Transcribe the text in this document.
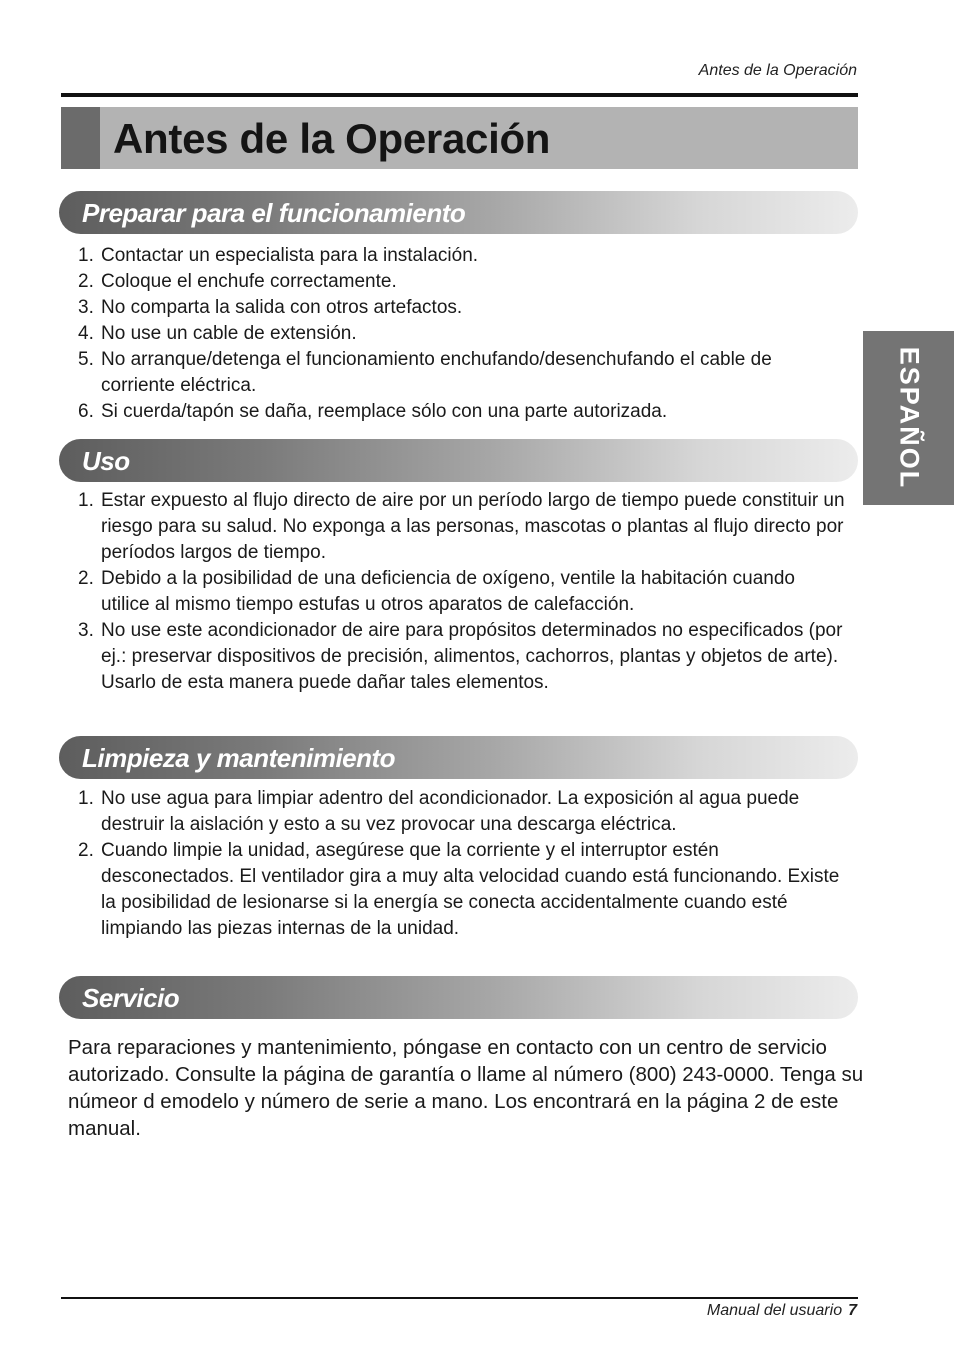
Antes de la Operación
Antes de la Operación
ESPAÑOL
Preparar para el funcionamiento
1. Contactar un especialista para la instalación.
2. Coloque el enchufe correctamente.
3. No comparta la salida con otros artefactos.
4. No use un cable de extensión.
5. No arranque/detenga el funcionamiento enchufando/desenchufando el cable de corriente eléctrica.
6. Si cuerda/tapón se daña, reemplace sólo con una parte autorizada.
Uso
1. Estar expuesto al flujo directo de aire por un período largo de tiempo puede constituir un riesgo para su salud. No exponga a las personas, mascotas o plantas al flujo directo por períodos largos de tiempo.
2. Debido a la posibilidad de una deficiencia de oxígeno, ventile la habitación cuando utilice al mismo tiempo estufas u otros aparatos de calefacción.
3. No use este acondicionador de aire para propósitos determinados no especificados (por ej.: preservar dispositivos de precisión, alimentos, cachorros, plantas y objetos de arte). Usarlo de esta manera puede dañar tales elementos.
Limpieza y mantenimiento
1. No use agua para limpiar adentro del acondicionador. La exposición al agua puede destruir la aislación y esto a su vez provocar una descarga eléctrica.
2. Cuando limpie la unidad, asegúrese que la corriente y el interruptor estén desconectados. El ventilador gira a muy alta velocidad cuando está funcionando. Existe la posibilidad de lesionarse si la energía se conecta accidentalmente cuando esté limpiando las piezas internas de la unidad.
Servicio

Para reparaciones y mantenimiento, póngase en contacto con un centro de servicio autorizado. Consulte la página de garantía o llame al número (800) 243-0000. Tenga su númeor d emodelo y número de serie a mano. Los encontrará en la página 2 de este manual.

Manual del usuario 7
